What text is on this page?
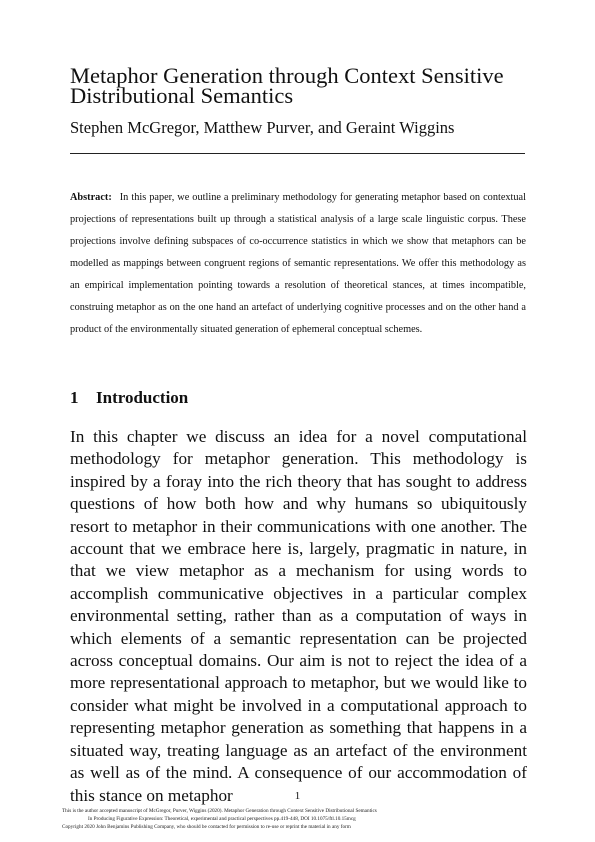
Metaphor Generation through Context Sensitive Distributional Semantics
Stephen McGregor, Matthew Purver, and Geraint Wiggins

Abstract: In this paper, we outline a preliminary methodology for generating metaphor based on contextual projections of representations built up through a statistical analysis of a large scale linguistic corpus. These projections involve defining subspaces of co-occurrence statistics in which we show that metaphors can be modelled as mappings between congruent regions of semantic representations. We offer this methodology as an empirical implementation pointing towards a resolution of theoretical stances, at times incompatible, construing metaphor as on the one hand an artefact of underlying cognitive processes and on the other hand a product of the environmentally situated generation of ephemeral conceptual schemes.

1 Introduction

In this chapter we discuss an idea for a novel computational methodology for metaphor generation. This methodology is inspired by a foray into the rich theory that has sought to address questions of how both how and why humans so ubiquitously resort to metaphor in their communications with one another. The account that we embrace here is, largely, pragmatic in nature, in that we view metaphor as a mechanism for using words to accomplish communicative objectives in a particular complex environmental setting, rather than as a computation of ways in which elements of a semantic representation can be projected across conceptual domains. Our aim is not to reject the idea of a more representational approach to metaphor, but we would like to consider what might be involved in a computational approach to representing metaphor generation as something that happens in a situated way, treating language as an artefact of the environment as well as of the mind. A consequence of our accommodation of this stance on metaphor	1
This is the author accepted manuscript of McGregor, Purver, Wiggins (2020). Metaphor Generation through Context Sensitive Distributional Semantics
In Producing Figurative Expression: Theoretical, experimental and practical perspectives pp.419-448, DOI 10.1075/ftl.10.15mcg
Copyright 2020 John Benjamins Publishing Company, who should be contacted for permission to re-use or reprint the material in any form
